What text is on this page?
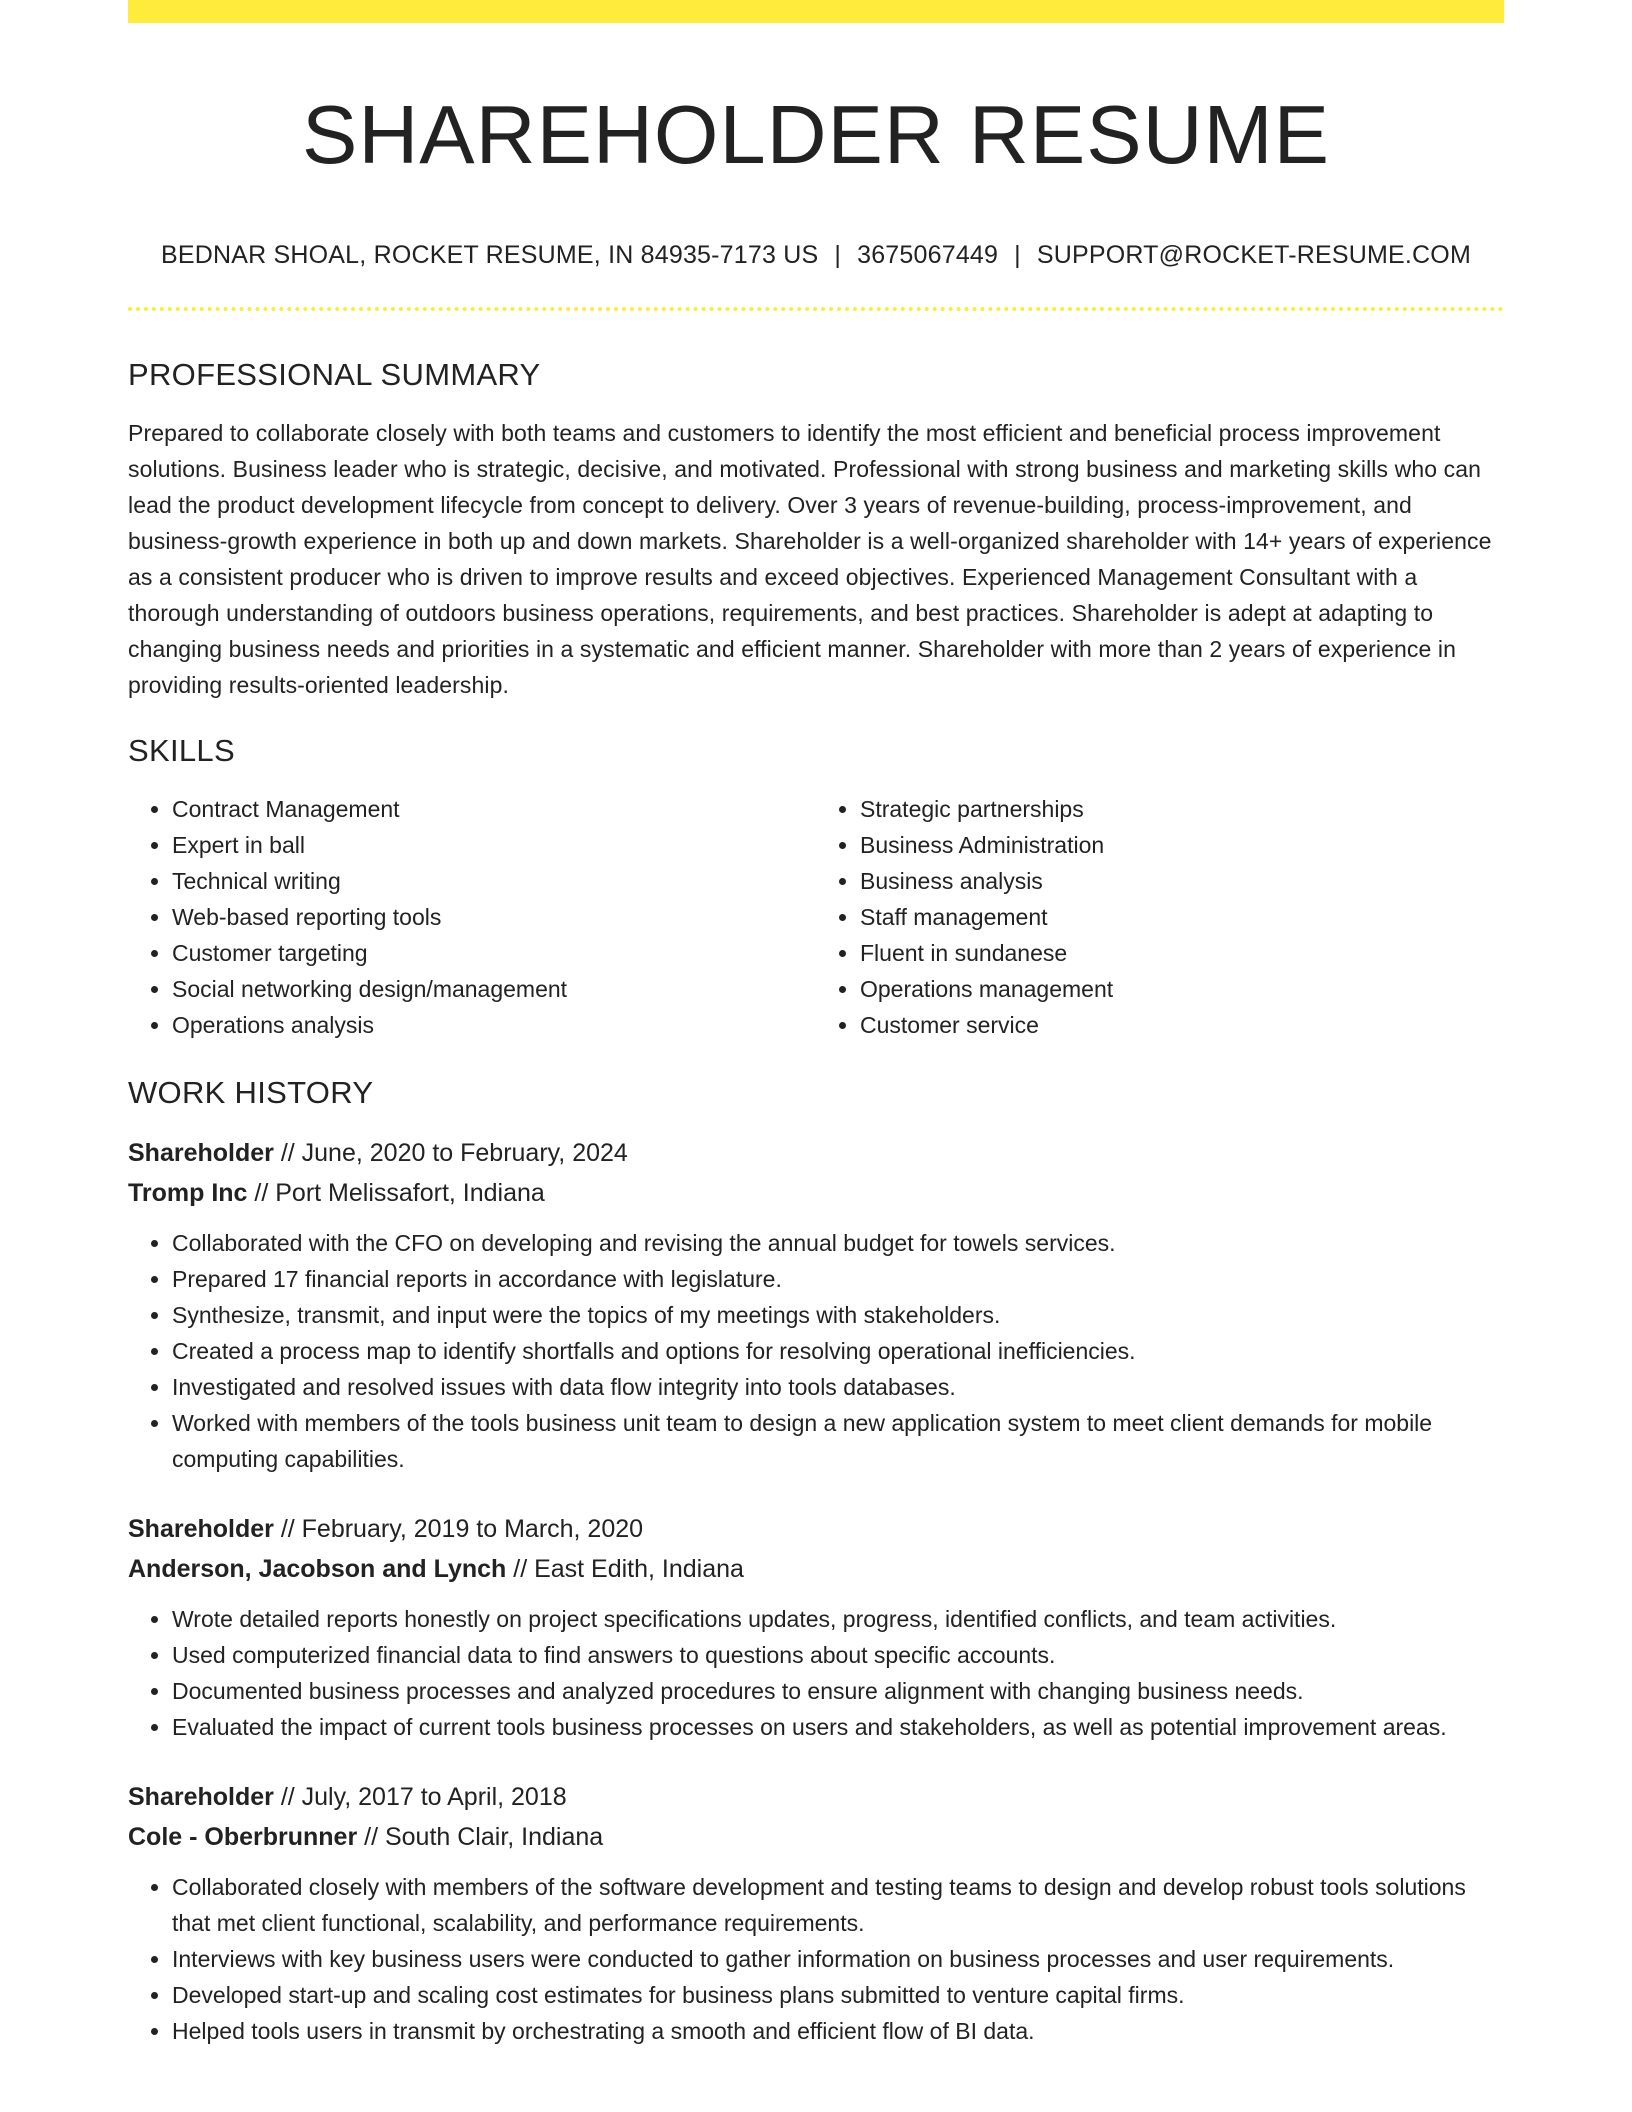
SHAREHOLDER RESUME
BEDNAR SHOAL, ROCKET RESUME, IN 84935-7173 US | 3675067449 | SUPPORT@ROCKET-RESUME.COM
PROFESSIONAL SUMMARY
Prepared to collaborate closely with both teams and customers to identify the most efficient and beneficial process improvement solutions. Business leader who is strategic, decisive, and motivated. Professional with strong business and marketing skills who can lead the product development lifecycle from concept to delivery. Over 3 years of revenue-building, process-improvement, and business-growth experience in both up and down markets. Shareholder is a well-organized shareholder with 14+ years of experience as a consistent producer who is driven to improve results and exceed objectives. Experienced Management Consultant with a thorough understanding of outdoors business operations, requirements, and best practices. Shareholder is adept at adapting to changing business needs and priorities in a systematic and efficient manner. Shareholder with more than 2 years of experience in providing results-oriented leadership.
SKILLS
• Contract Management
• Expert in ball
• Technical writing
• Web-based reporting tools
• Customer targeting
• Social networking design/management
• Operations analysis
• Strategic partnerships
• Business Administration
• Business analysis
• Staff management
• Fluent in sundanese
• Operations management
• Customer service
WORK HISTORY
Shareholder // June, 2020 to February, 2024
Tromp Inc // Port Melissafort, Indiana
• Collaborated with the CFO on developing and revising the annual budget for towels services.
• Prepared 17 financial reports in accordance with legislature.
• Synthesize, transmit, and input were the topics of my meetings with stakeholders.
• Created a process map to identify shortfalls and options for resolving operational inefficiencies.
• Investigated and resolved issues with data flow integrity into tools databases.
• Worked with members of the tools business unit team to design a new application system to meet client demands for mobile computing capabilities.
Shareholder // February, 2019 to March, 2020
Anderson, Jacobson and Lynch // East Edith, Indiana
• Wrote detailed reports honestly on project specifications updates, progress, identified conflicts, and team activities.
• Used computerized financial data to find answers to questions about specific accounts.
• Documented business processes and analyzed procedures to ensure alignment with changing business needs.
• Evaluated the impact of current tools business processes on users and stakeholders, as well as potential improvement areas.
Shareholder // July, 2017 to April, 2018
Cole - Oberbrunner // South Clair, Indiana
• Collaborated closely with members of the software development and testing teams to design and develop robust tools solutions that met client functional, scalability, and performance requirements.
• Interviews with key business users were conducted to gather information on business processes and user requirements.
• Developed start-up and scaling cost estimates for business plans submitted to venture capital firms.
• Helped tools users in transmit by orchestrating a smooth and efficient flow of BI data.
